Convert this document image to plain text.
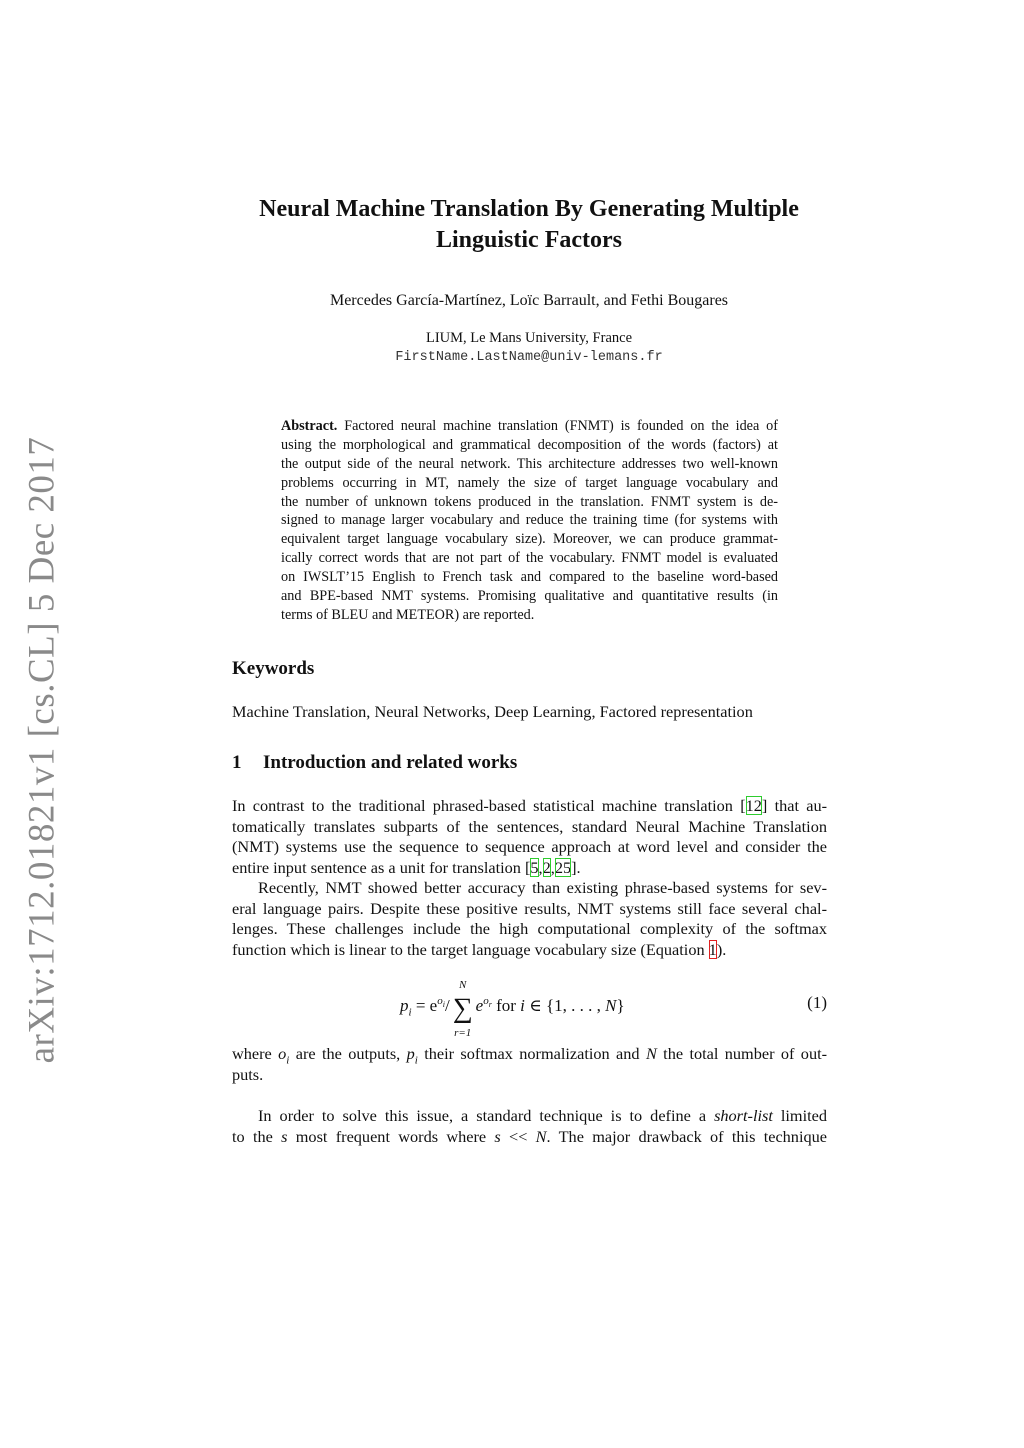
arXiv:1712.01821v1 [cs.CL] 5 Dec 2017
Neural Machine Translation By Generating Multiple
Linguistic Factors
Mercedes García-Martínez, Loïc Barrault, and Fethi Bougares
LIUM, Le Mans University, France
FirstName.LastName@univ-lemans.fr
Abstract. Factored neural machine translation (FNMT) is founded on the idea of
using the morphological and grammatical decomposition of the words (factors) at
the output side of the neural network. This architecture addresses two well-known
problems occurring in MT, namely the size of target language vocabulary and
the number of unknown tokens produced in the translation. FNMT system is de-
signed to manage larger vocabulary and reduce the training time (for systems with
equivalent target language vocabulary size). Moreover, we can produce grammat-
ically correct words that are not part of the vocabulary. FNMT model is evaluated
on IWSLT’15 English to French task and compared to the baseline word-based
and BPE-based NMT systems. Promising qualitative and quantitative results (in
terms of BLEU and METEOR) are reported.
Keywords
Machine Translation, Neural Networks, Deep Learning, Factored representation
1 Introduction and related works
In contrast to the traditional phrased-based statistical machine translation [12] that au-
tomatically translates subparts of the sentences, standard Neural Machine Translation
(NMT) systems use the sequence to sequence approach at word level and consider the
entire input sentence as a unit for translation [5,2,25].
Recently, NMT showed better accuracy than existing phrase-based systems for sev-
eral language pairs. Despite these positive results, NMT systems still face several chal-
lenges. These challenges include the high computational complexity of the softmax
function which is linear to the target language vocabulary size (Equation 1).
$p_i = e^{o_i}/$
N
∑
r=1
$e^{o_r}$ for i ∈ {1, . . . , N}	(1)
where $o_i$ are the outputs, $p_i$ their softmax normalization and N the total number of out-
puts.
In order to solve this issue, a standard technique is to define a short-list limited
to the s most frequent words where s << N. The major drawback of this technique
